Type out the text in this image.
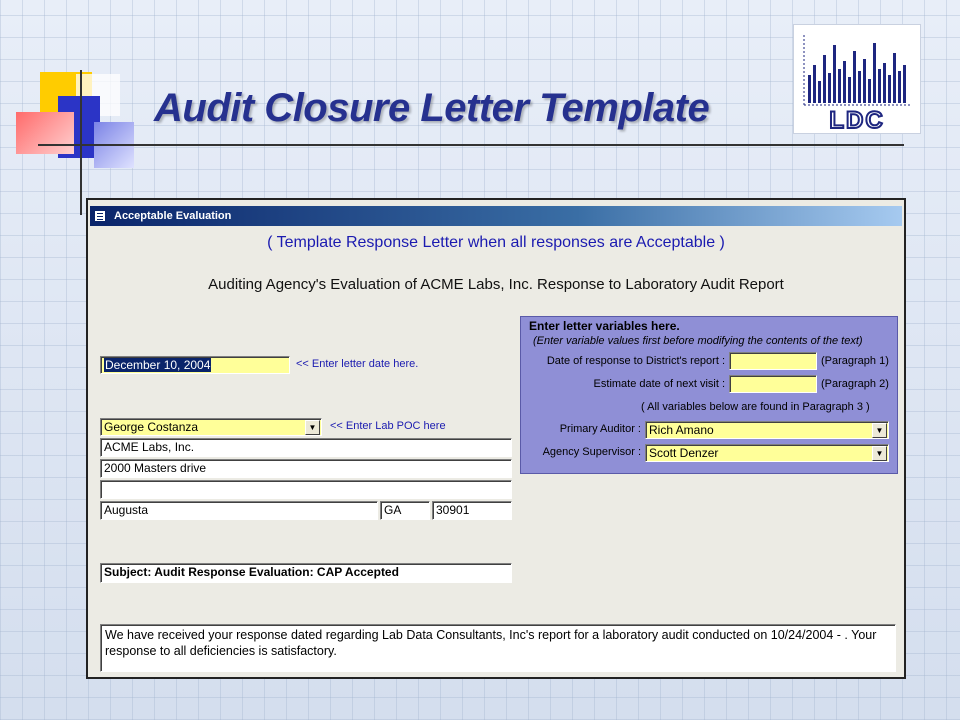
Audit Closure Letter Template	LDC
Acceptable Evaluation
( Template Response Letter when all responses are Acceptable )
Auditing Agency's Evaluation of ACME Labs, Inc. Response to Laboratory Audit Report
December 10, 2004	<< Enter letter date here.
Enter letter variables here.
(Enter variable values first before modifying the contents of the text)
Date of response to District's report :	(Paragraph 1)
Estimate date of next visit :	(Paragraph 2)
( All variables below are found in Paragraph 3 )
Primary Auditor : Rich Amano	▼
Agency Supervisor : Scott Denzer	▼
George Costanza	▼	<< Enter Lab POC here
ACME Labs, Inc.
2000 Masters drive
Augusta	GA	30901
Subject: Audit Response Evaluation: CAP Accepted
We have received your response dated regarding Lab Data Consultants, Inc's report for a laboratory audit conducted on 10/24/2004 - . Your response to all deficiencies is satisfactory.
